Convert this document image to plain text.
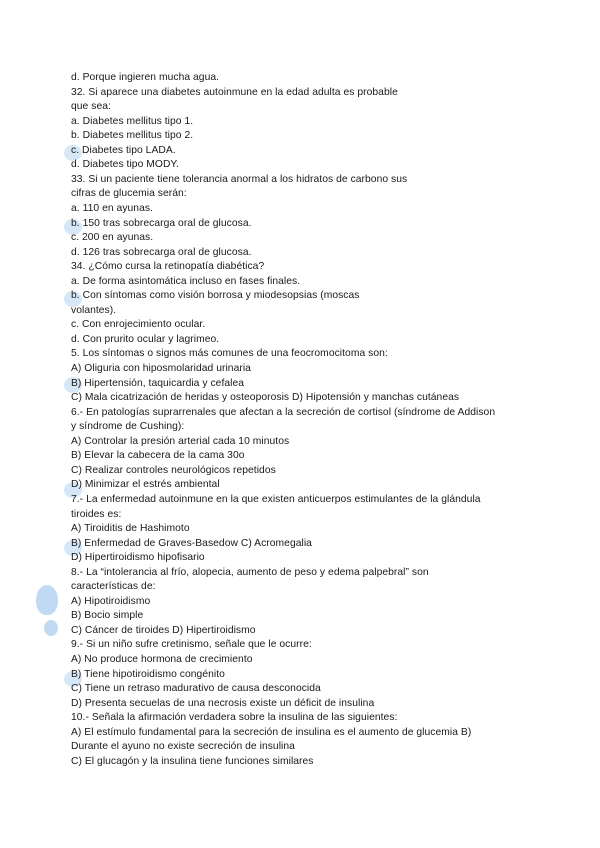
d. Porque ingieren mucha agua.
32. Si aparece una diabetes autoinmune en la edad adulta es probable
que sea:
a. Diabetes mellitus tipo 1.
b. Diabetes mellitus tipo 2.
c. Diabetes tipo LADA.
d. Diabetes tipo MODY.
33. Si un paciente tiene tolerancia anormal a los hidratos de carbono sus
cifras de glucemia serán:
a. 110 en ayunas.
b. 150 tras sobrecarga oral de glucosa.
c. 200 en ayunas.
d. 126 tras sobrecarga oral de glucosa.
34. ¿Cómo cursa la retinopatía diabética?
a. De forma asintomática incluso en fases finales.
b. Con síntomas como visión borrosa y miodesopsias (moscas
volantes).
c. Con enrojecimiento ocular.
d. Con prurito ocular y lagrimeo.
5. Los síntomas o signos más comunes de una feocromocitoma son:
A) Oliguria con hiposmolaridad urinaria
B) Hipertensión, taquicardia y cefalea
C) Mala cicatrización de heridas y osteoporosis D) Hipotensión y manchas cutáneas
6.- En patologías suprarrenales que afectan a la secreción de cortisol (síndrome de Addison
y síndrome de Cushing):
A) Controlar la presión arterial cada 10 minutos
B) Elevar la cabecera de la cama 30o
C) Realizar controles neurológicos repetidos
D) Minimizar el estrés ambiental
7.- La enfermedad autoinmune en la que existen anticuerpos estimulantes de la glándula
tiroides es:
A) Tiroiditis de Hashimoto
B) Enfermedad de Graves-Basedow C) Acromegalia
D) Hipertiroidismo hipofisario
8.- La “intolerancia al frío, alopecia, aumento de peso y edema palpebral” son
características de:
A) Hipotiroidismo
B) Bocio simple
C) Cáncer de tiroides D) Hipertiroidismo
9.- Si un niño sufre cretinismo, señale que le ocurre:
A) No produce hormona de crecimiento
B) Tiene hipotiroidismo congénito
C) Tiene un retraso madurativo de causa desconocida
D) Presenta secuelas de una necrosis existe un déficit de insulina
10.- Señala la afirmación verdadera sobre la insulina de las siguientes:
A) El estímulo fundamental para la secreción de insulina es el aumento de glucemia B)
Durante el ayuno no existe secreción de insulina
C) El glucagón y la insulina tiene funciones similares
